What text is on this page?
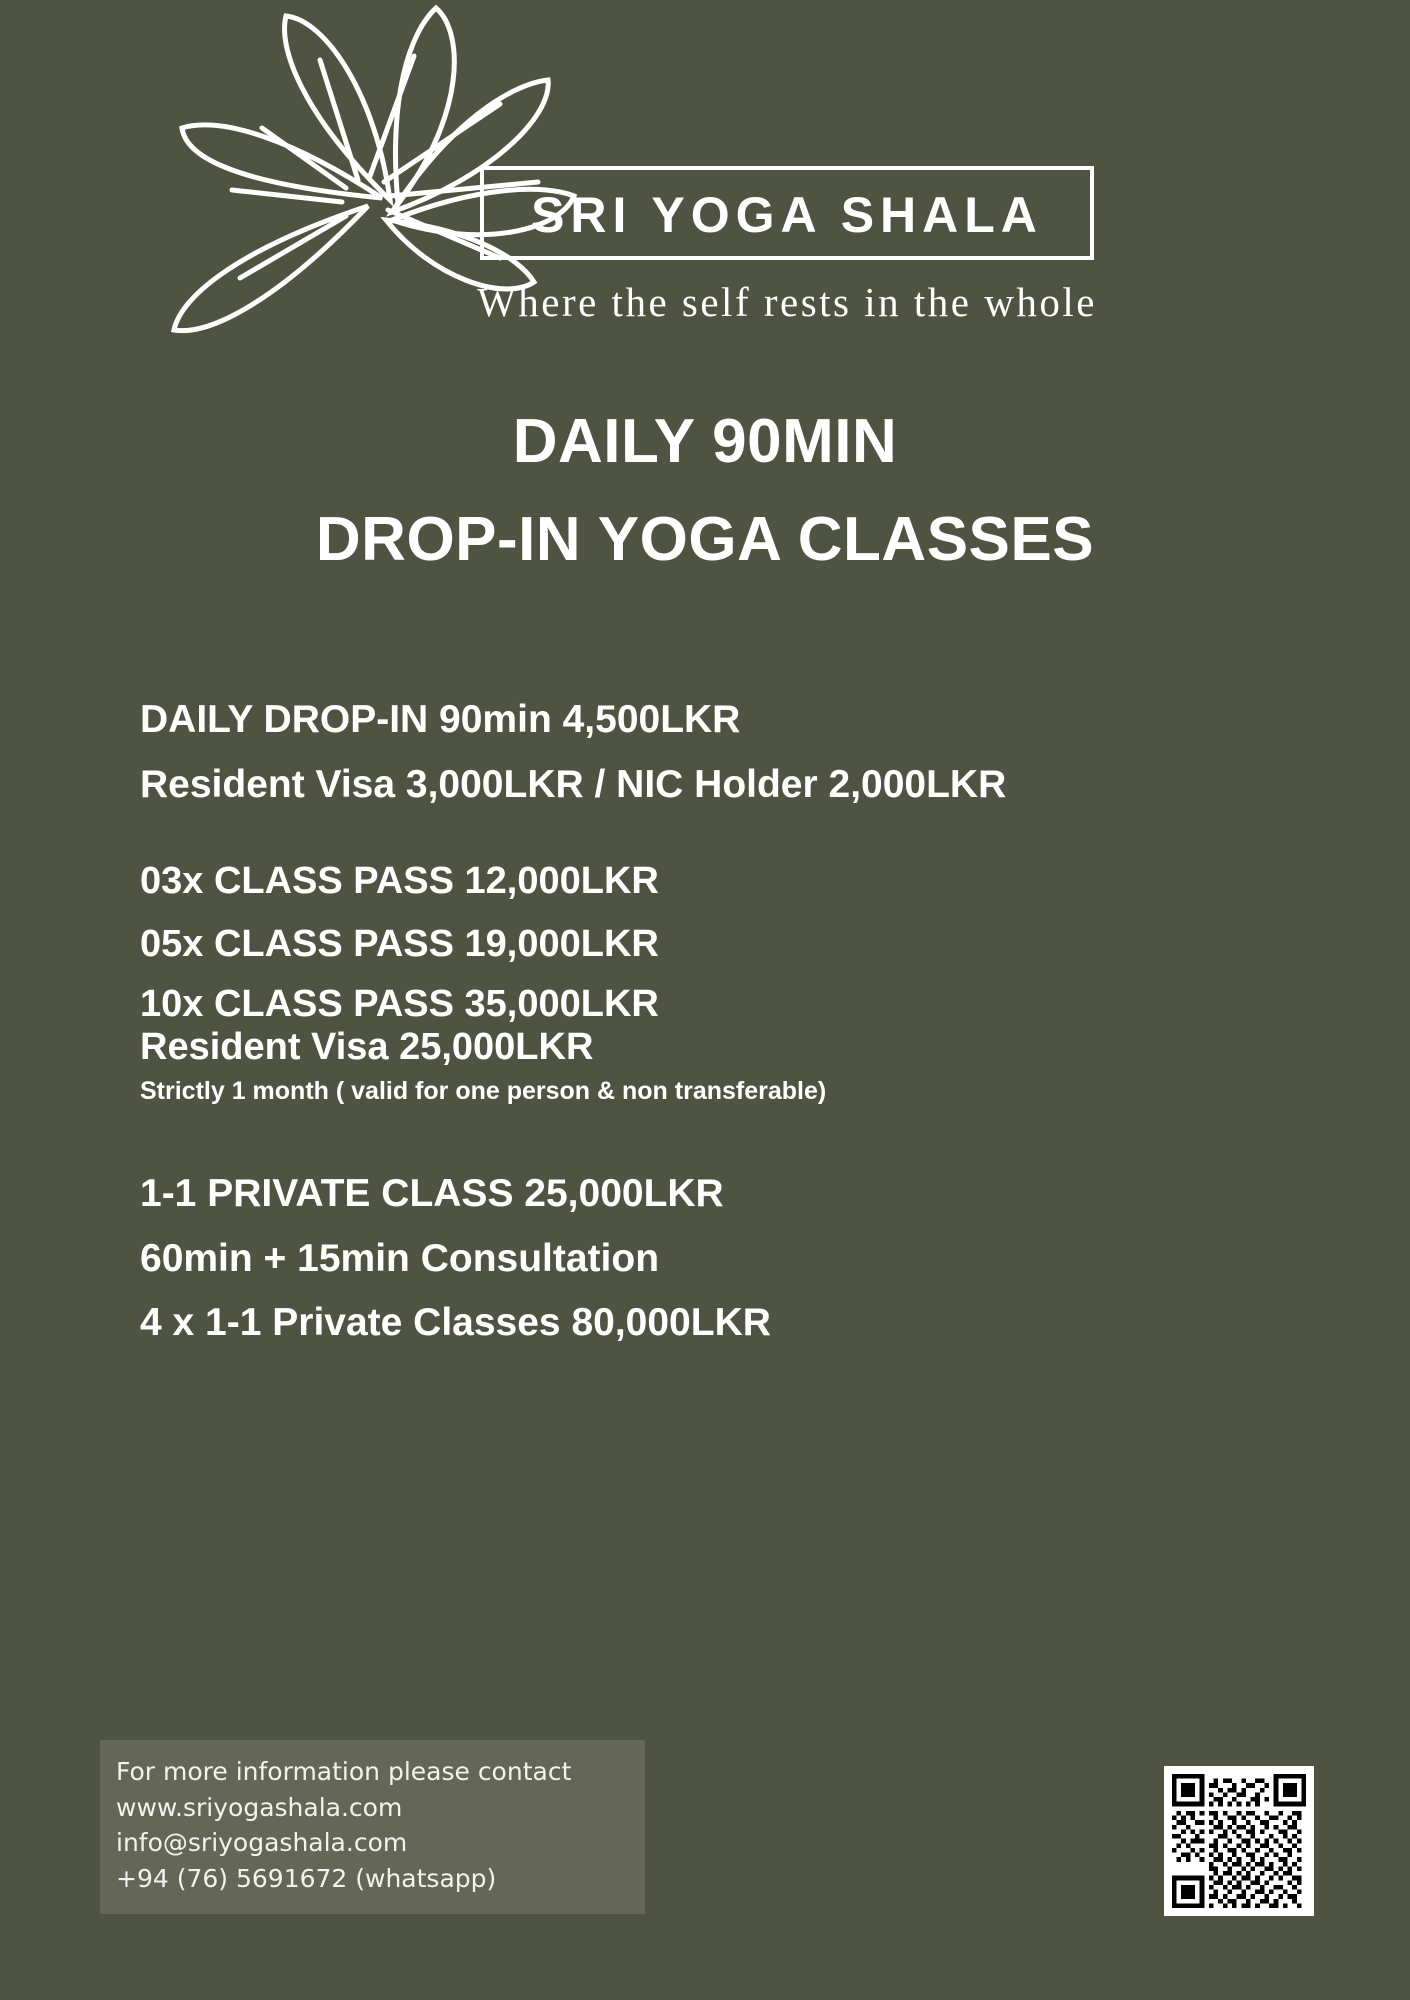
SRI YOGA SHALA
Where the self rests in the whole
DAILY 90MIN
DROP-IN YOGA CLASSES
DAILY DROP-IN 90min 4,500LKR
Resident Visa 3,000LKR / NIC Holder 2,000LKR
03x CLASS PASS 12,000LKR
05x CLASS PASS 19,000LKR
10x CLASS PASS 35,000LKR
Resident Visa 25,000LKR
Strictly 1 month ( valid for one person & non transferable)
1-1 PRIVATE CLASS 25,000LKR
60min + 15min Consultation
4 x 1-1 Private Classes 80,000LKR
For more information please contact
www.sriyogashala.com
info@sriyogashala.com
+94 (76) 5691672 (whatsapp)
